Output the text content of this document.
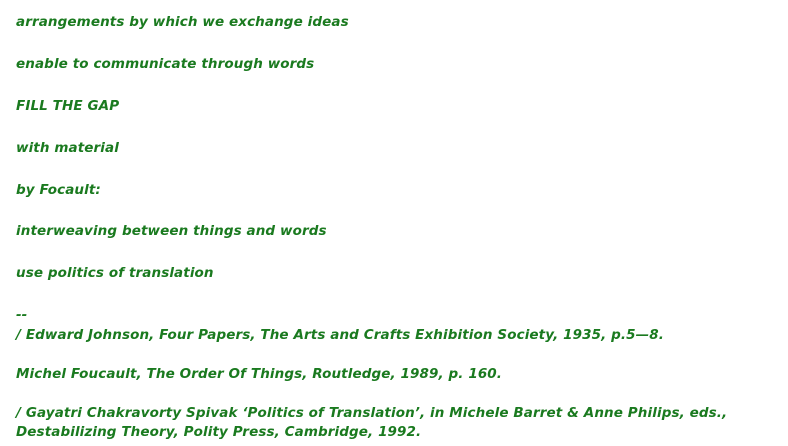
arrangements by which we exchange ideas

enable to communicate through words

FILL THE GAP

with material

by Focault:

interweaving between things and words

use politics of translation

--

/ Edward Johnson, Four Papers, The Arts and Crafts Exhibition Society, 1935, p.5—8.

Michel Foucault, The Order Of Things, Routledge, 1989, p. 160.

/ Gayatri Chakravorty Spivak ‘Politics of Translation’, in Michele Barret & Anne Philips, eds., Destabilizing Theory, Polity Press, Cambridge, 1992.
